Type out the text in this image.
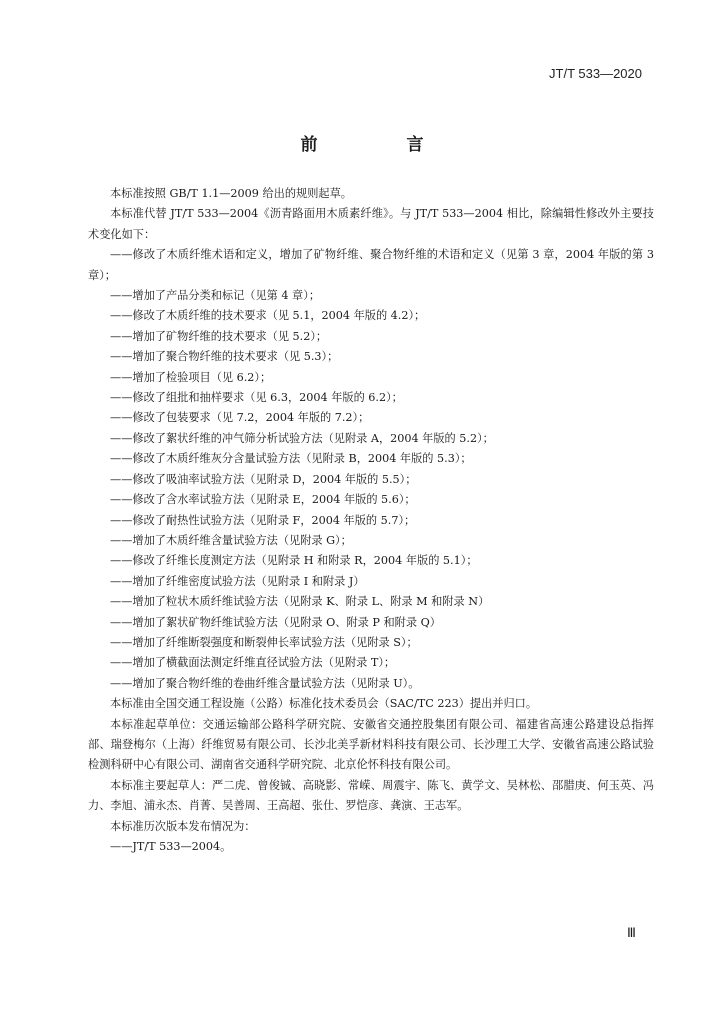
JT/T 533—2020
前　言

本标准按照 GB/T 1.1—2009 给出的规则起草。

本标准代替 JT/T 533—2004《沥青路面用木质素纤维》。与 JT/T 533—2004 相比，除编辑性修改外主要技术变化如下：

——修改了木质纤维术语和定义，增加了矿物纤维、聚合物纤维的术语和定义（见第 3 章，2004 年版的第 3 章）；

——增加了产品分类和标记（见第 4 章）；

——修改了木质纤维的技术要求（见 5.1，2004 年版的 4.2）；

——增加了矿物纤维的技术要求（见 5.2）；

——增加了聚合物纤维的技术要求（见 5.3）；

——增加了检验项目（见 6.2）；

——修改了组批和抽样要求（见 6.3，2004 年版的 6.2）；

——修改了包装要求（见 7.2，2004 年版的 7.2）；

——修改了絮状纤维的冲气筛分析试验方法（见附录 A，2004 年版的 5.2）；

——修改了木质纤维灰分含量试验方法（见附录 B，2004 年版的 5.3）；

——修改了吸油率试验方法（见附录 D，2004 年版的 5.5）；

——修改了含水率试验方法（见附录 E，2004 年版的 5.6）；

——修改了耐热性试验方法（见附录 F，2004 年版的 5.7）；

——增加了木质纤维含量试验方法（见附录 G）；

——修改了纤维长度测定方法（见附录 H 和附录 R，2004 年版的 5.1）；

——增加了纤维密度试验方法（见附录 I 和附录 J）

——增加了粒状木质纤维试验方法（见附录 K、附录 L、附录 M 和附录 N）

——增加了絮状矿物纤维试验方法（见附录 O、附录 P 和附录 Q）

——增加了纤维断裂强度和断裂伸长率试验方法（见附录 S）；

——增加了横截面法测定纤维直径试验方法（见附录 T）；

——增加了聚合物纤维的卷曲纤维含量试验方法（见附录 U）。

本标准由全国交通工程设施（公路）标准化技术委员会（SAC/TC 223）提出并归口。

本标准起草单位：交通运输部公路科学研究院、安徽省交通控股集团有限公司、福建省高速公路建设总指挥部、瑞登梅尔（上海）纤维贸易有限公司、长沙北美孚新材料科技有限公司、长沙理工大学、安徽省高速公路试验检测科研中心有限公司、湖南省交通科学研究院、北京伦怀科技有限公司。

本标准主要起草人：严二虎、曾俊铖、高晓影、常嵘、周震宇、陈飞、黄学文、吴林松、邵腊庚、何玉英、冯力、李旭、浦永杰、肖菁、吴善周、王高超、张仕、罗恺彦、龚演、王志军。

本标准历次版本发布情况为：

——JT/T 533—2004。

Ⅲ
